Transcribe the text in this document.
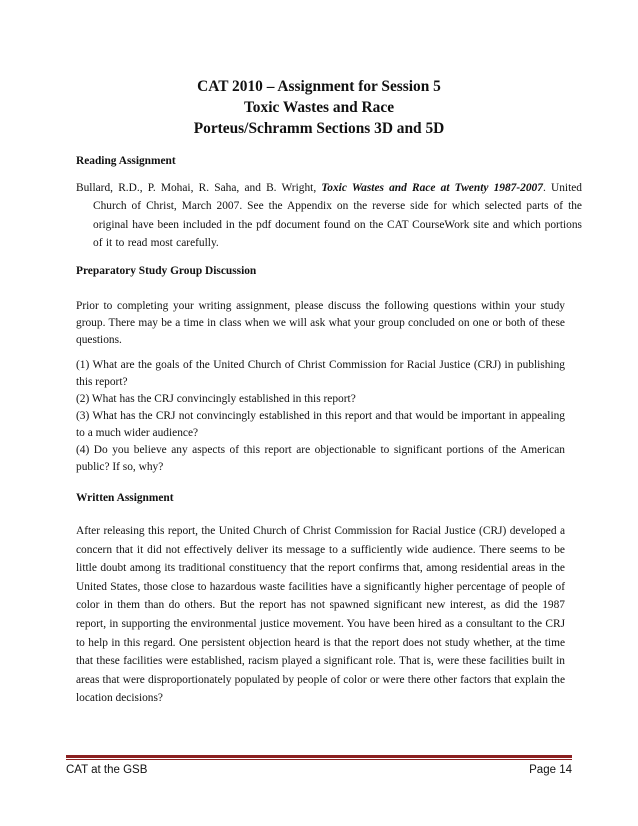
CAT 2010 – Assignment for Session 5
Toxic Wastes and Race
Porteus/Schramm Sections 3D and 5D
Reading Assignment
Bullard, R.D., P. Mohai, R. Saha, and B. Wright, Toxic Wastes and Race at Twenty 1987-2007. United Church of Christ, March 2007. See the Appendix on the reverse side for which selected parts of the original have been included in the pdf document found on the CAT CourseWork site and which portions of it to read most carefully.
Preparatory Study Group Discussion
Prior to completing your writing assignment, please discuss the following questions within your study group. There may be a time in class when we will ask what your group concluded on one or both of these questions.
(1) What are the goals of the United Church of Christ Commission for Racial Justice (CRJ) in publishing this report?
(2) What has the CRJ convincingly established in this report?
(3) What has the CRJ not convincingly established in this report and that would be important in appealing to a much wider audience?
(4) Do you believe any aspects of this report are objectionable to significant portions of the American public? If so, why?
Written Assignment
After releasing this report, the United Church of Christ Commission for Racial Justice (CRJ) developed a concern that it did not effectively deliver its message to a sufficiently wide audience. There seems to be little doubt among its traditional constituency that the report confirms that, among residential areas in the United States, those close to hazardous waste facilities have a significantly higher percentage of people of color in them than do others. But the report has not spawned significant new interest, as did the 1987 report, in supporting the environmental justice movement. You have been hired as a consultant to the CRJ to help in this regard. One persistent objection heard is that the report does not study whether, at the time that these facilities were established, racism played a significant role. That is, were these facilities built in areas that were disproportionately populated by people of color or were there other factors that explain the location decisions?
CAT at the GSB	Page 14
